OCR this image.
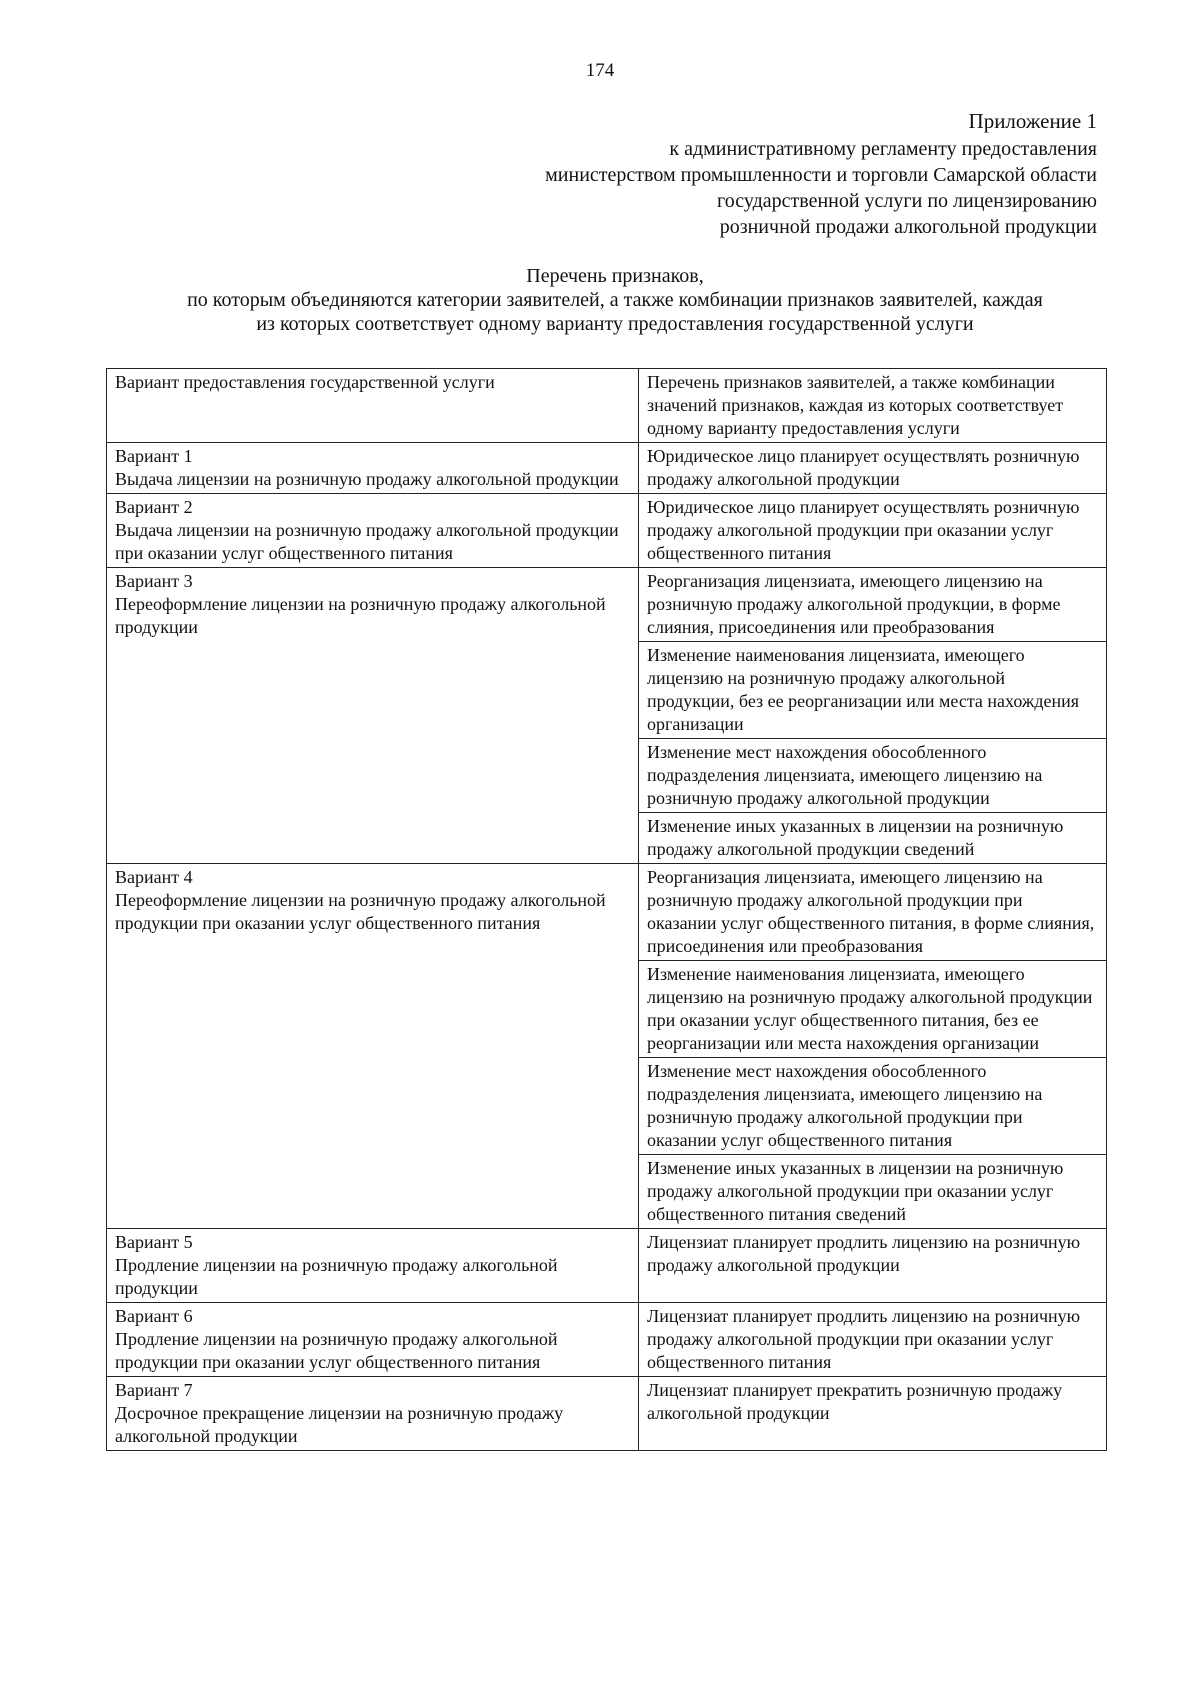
174
Приложение 1
к административному регламенту предоставления
министерством промышленности и торговли Самарской области
государственной услуги по лицензированию
розничной продажи алкогольной продукции
Перечень признаков,
по которым объединяются категории заявителей, а также комбинации признаков заявителей, каждая
из которых соответствует одному варианту предоставления государственной услуги
Вариант предоставления государственной услуги	Перечень признаков заявителей, а также комбинации значений признаков, каждая из которых соответствует одному варианту предоставления услуги

Вариант 1
Выдача лицензии на розничную продажу алкогольной продукции	Юридическое лицо планирует осуществлять розничную продажу алкогольной продукции

Вариант 2
Выдача лицензии на розничную продажу алкогольной продукции при оказании услуг общественного питания	Юридическое лицо планирует осуществлять розничную продажу алкогольной продукции при оказании услуг общественного питания

Вариант 3
Переоформление лицензии на розничную продажу алкогольной продукции	Реорганизация лицензиата, имеющего лицензию на розничную продажу алкогольной продукции, в форме слияния, присоединения или преобразования
	Изменение наименования лицензиата, имеющего лицензию на розничную продажу алкогольной продукции, без ее реорганизации или места нахождения организации
	Изменение мест нахождения обособленного подразделения лицензиата, имеющего лицензию на розничную продажу алкогольной продукции
	Изменение иных указанных в лицензии на розничную продажу алкогольной продукции сведений

Вариант 4
Переоформление лицензии на розничную продажу алкогольной продукции при оказании услуг общественного питания	Реорганизация лицензиата, имеющего лицензию на розничную продажу алкогольной продукции при оказании услуг общественного питания, в форме слияния, присоединения или преобразования
	Изменение наименования лицензиата, имеющего лицензию на розничную продажу алкогольной продукции при оказании услуг общественного питания, без ее реорганизации или места нахождения организации
	Изменение мест нахождения обособленного подразделения лицензиата, имеющего лицензию на розничную продажу алкогольной продукции при оказании услуг общественного питания
	Изменение иных указанных в лицензии на розничную продажу алкогольной продукции при оказании услуг общественного питания сведений

Вариант 5
Продление лицензии на розничную продажу алкогольной продукции	Лицензиат планирует продлить лицензию на розничную продажу алкогольной продукции

Вариант 6
Продление лицензии на розничную продажу алкогольной продукции при оказании услуг общественного питания	Лицензиат планирует продлить лицензию на розничную продажу алкогольной продукции при оказании услуг общественного питания

Вариант 7
Досрочное прекращение лицензии на розничную продажу алкогольной продукции	Лицензиат планирует прекратить розничную продажу алкогольной продукции
